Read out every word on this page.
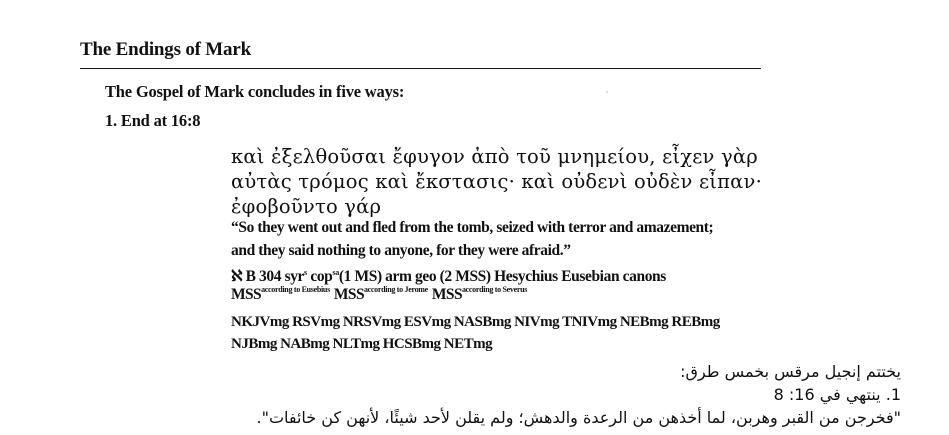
The Endings of Mark
The Gospel of Mark concludes in five ways:
1. End at 16:8
καὶ ἐξελθοῦσαι ἔφυγον ἀπὸ τοῦ μνημείου, εἶχεν γὰρ
αὐτὰς τρόμος καὶ ἔκστασις· καὶ οὐδενὶ οὐδὲν εἶπαν·
ἐφοβοῦντο γάρ
“So they went out and fled from the tomb, seized with terror and amazement;
and they said nothing to anyone, for they were afraid.”
ℵ B 304 syr$^s$ cop$^{sa}$(1 MS) arm geo (2 MSS) Hesychius Eusebian canons
$MSS^{according to Eusebius}$ $MSS^{according to Jerome}$ $MSS^{according to Severus}$
NKJVmg RSVmg NRSVmg ESVmg NASBmg NIVmg TNIVmg NEBmg REBmg
NJBmg NABmg NLTmg HCSBmg NETmg
يختتم إنجيل مرقس بخمس طرق:
1. ينتهي في 16: 8
"فخرجن من القبر وهربن، لما أخذهن من الرعدة والدهش؛ ولم يقلن لأحد شيئًا، لأنهن كن خائفات".
